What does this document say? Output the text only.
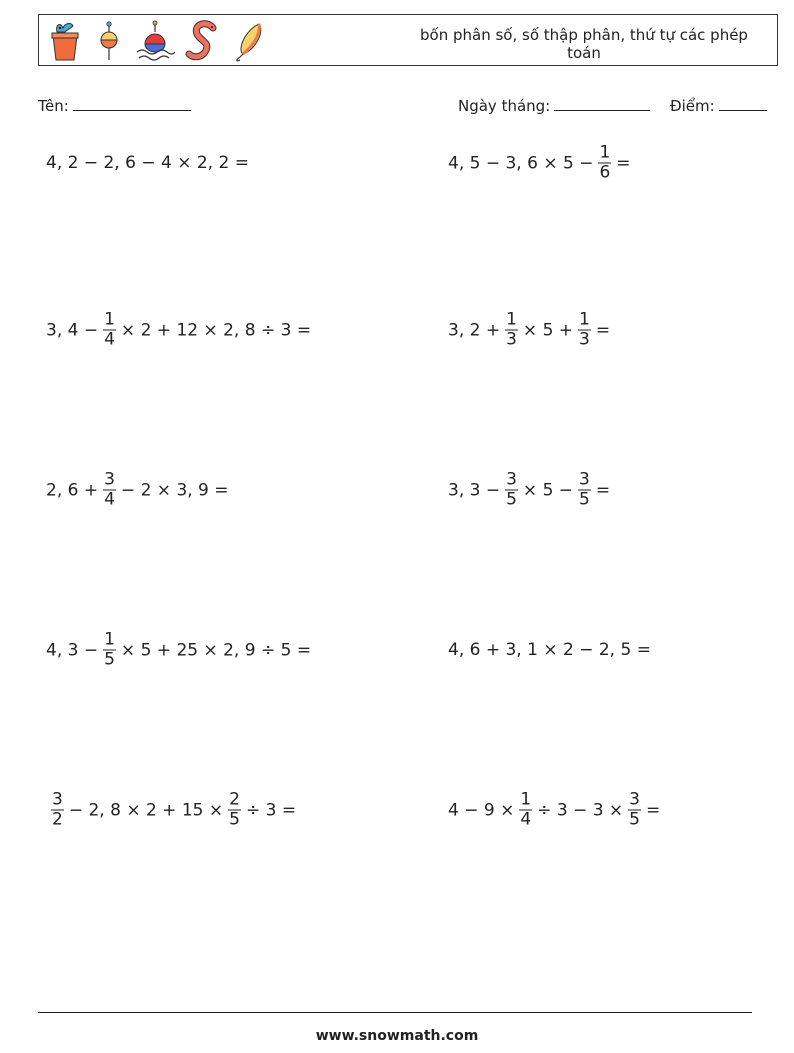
bốn phân số, số thập phân, thứ tự các phép toán
Tên:	Ngày tháng:	Điểm:
4, 2 − 2, 6 − 4 × 2, 2 =	4, 5 − 3, $6 \times 5 - \frac{1}{6}$ =
3, $4 - \frac{1}{4} \times 2 + 12 \times 2$, 8 ÷ 3 =	3, $2 + \frac{1}{3} \times 5 + \frac{1}{3}$ =
2, $6 + \frac{3}{4} - 2 \times 3$, 9 =	3, $3 - \frac{3}{5} \times 5 - \frac{3}{5}$ =
4, $3 - \frac{1}{5} \times 5 + 25 \times 2$, 9 ÷ 5 =	4, 6 + 3, 1 × 2 − 2, 5 =
$\frac{3}{2} - 2$, $8 \times 2 + 15 \times \frac{2}{5} \div 3$ =	$4 - 9 \times \frac{1}{4} \div 3 - 3 \times \frac{3}{5}$ =
www.snowmath.com
